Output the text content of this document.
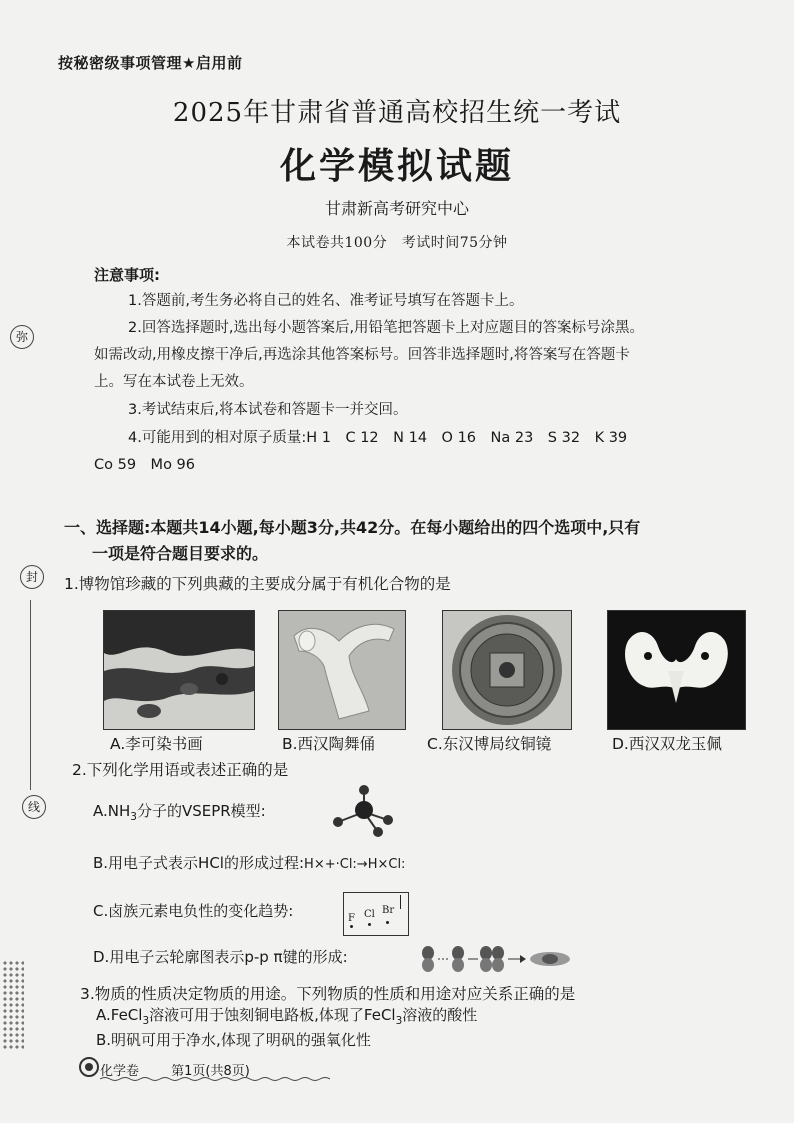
弥
封
线
按秘密级事项管理★启用前
2025年甘肃省普通高校招生统一考试
化学模拟试题
甘肃新高考研究中心
本试卷共100分　考试时间75分钟
注意事项:
1.答题前,考生务必将自己的姓名、准考证号填写在答题卡上。
2.回答选择题时,选出每小题答案后,用铅笔把答题卡上对应题目的答案标号涂黑。
如需改动,用橡皮擦干净后,再选涂其他答案标号。回答非选择题时,将答案写在答题卡
上。写在本试卷上无效。
3.考试结束后,将本试卷和答题卡一并交回。
4.可能用到的相对原子质量:H 1　C 12　N 14　O 16　Na 23　S 32　K 39
Co 59　Mo 96
一、选择题:本题共14小题,每小题3分,共42分。在每小题给出的四个选项中,只有
一项是符合题目要求的。
1.博物馆珍藏的下列典藏的主要成分属于有机化合物的是
A.李可染书画	B.西汉陶舞俑	C.东汉博局纹铜镜	D.西汉双龙玉佩
2.下列化学用语或表述正确的是
$A.NH_3$分子的VSEPR模型:
B.用电子式表示HCl的形成过程:H×+·Cl:→H×Cl:
C.卤族元素电负性的变化趋势:	F Cl Br
D.用电子云轮廓图表示p-p π键的形成:
3.物质的性质决定物质的用途。下列物质的性质和用途对应关系正确的是
A.FeCl$_3$溶液可用于蚀刻铜电路板,体现了FeCl$_3$溶液的酸性
B.明矾可用于净水,体现了明矾的强氧化性
化学卷 第1页(共8页)
